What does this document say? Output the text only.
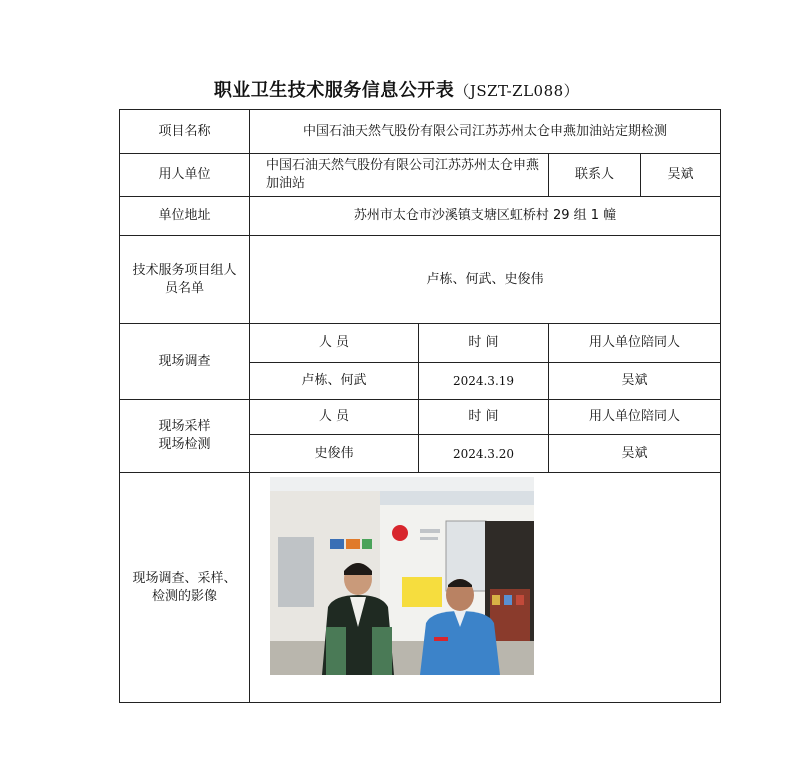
职业卫生技术服务信息公开表（JSZT-ZL088）
项目名称	中国石油天然气股份有限公司江苏苏州太仓申燕加油站定期检测		
用人单位	中国石油天然气股份有限公司江苏苏州太仓申燕加油站		联系人 吴斌

单位地址	苏州市太仓市沙溪镇支塘区虹桥村 29 组 1 幢		

技术服务项目组人员名单	卢栋、何武、史俊伟		
现场调查	人 员	时 间	用人单位陪同人
	卢栋、何武	2024.3.19	吴斌

现场采样现场检测	人 员	时 间	用人单位陪同人
	史俊伟	2024.3.20	吴斌

现场调查、采样、检测的影像
